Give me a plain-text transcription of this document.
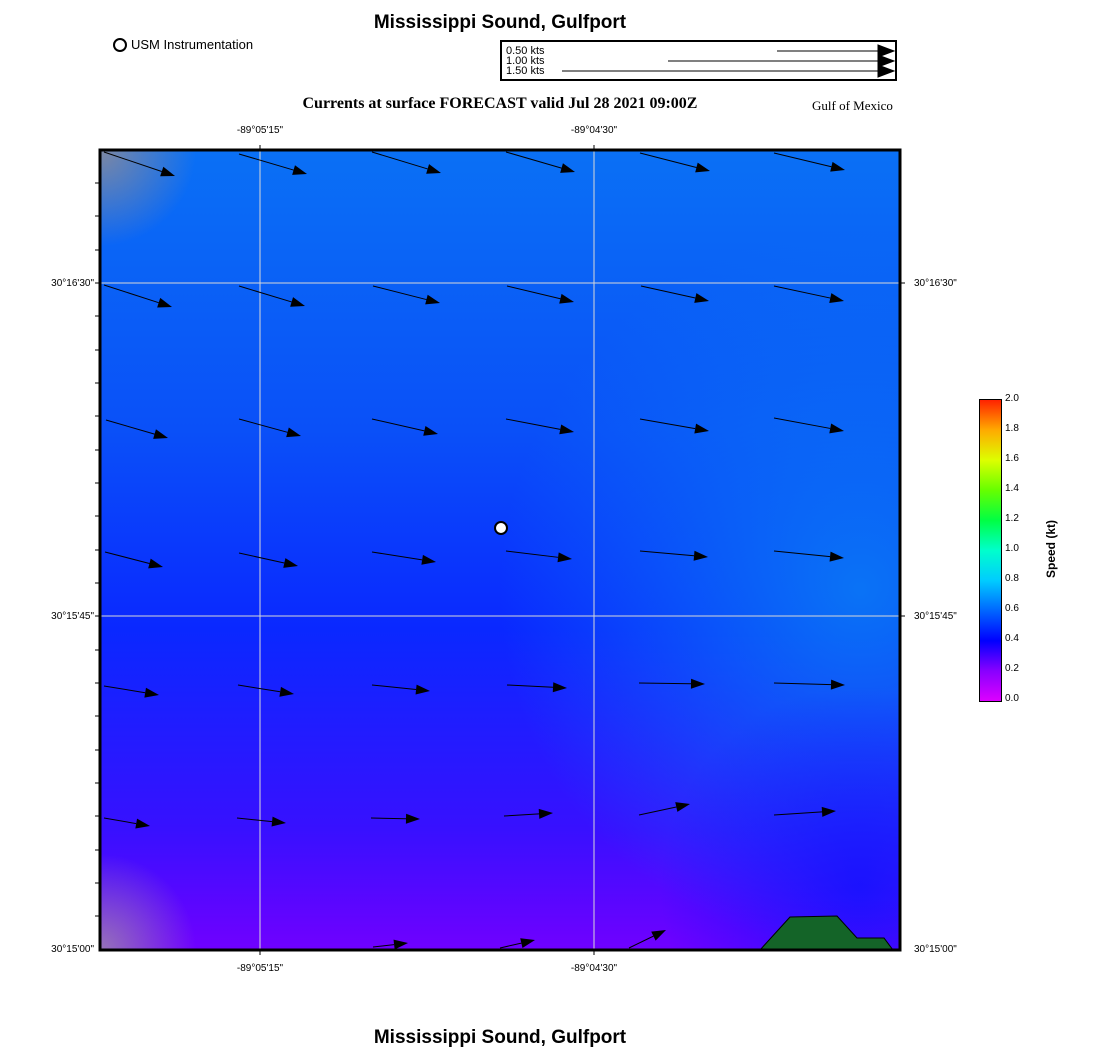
Mississippi Sound, Gulfport
USM Instrumentation	0.50 kts
1.00 kts
1.50 kts
Currents at surface FORECAST valid Jul 28 2021 09:00Z	Gulf of Mexico
-89°05'15"	-89°04'30"
-89°05'15"	-89°04'30"
30°16'30"
30°15'45"
30°15'00"
30°16'30"
30°15'45"
30°15'00"
2.0
1.8
1.6
1.4
1.2
1.0
0.8
0.6
0.4
0.2
0.0
Speed (kt)
Mississippi Sound, Gulfport
